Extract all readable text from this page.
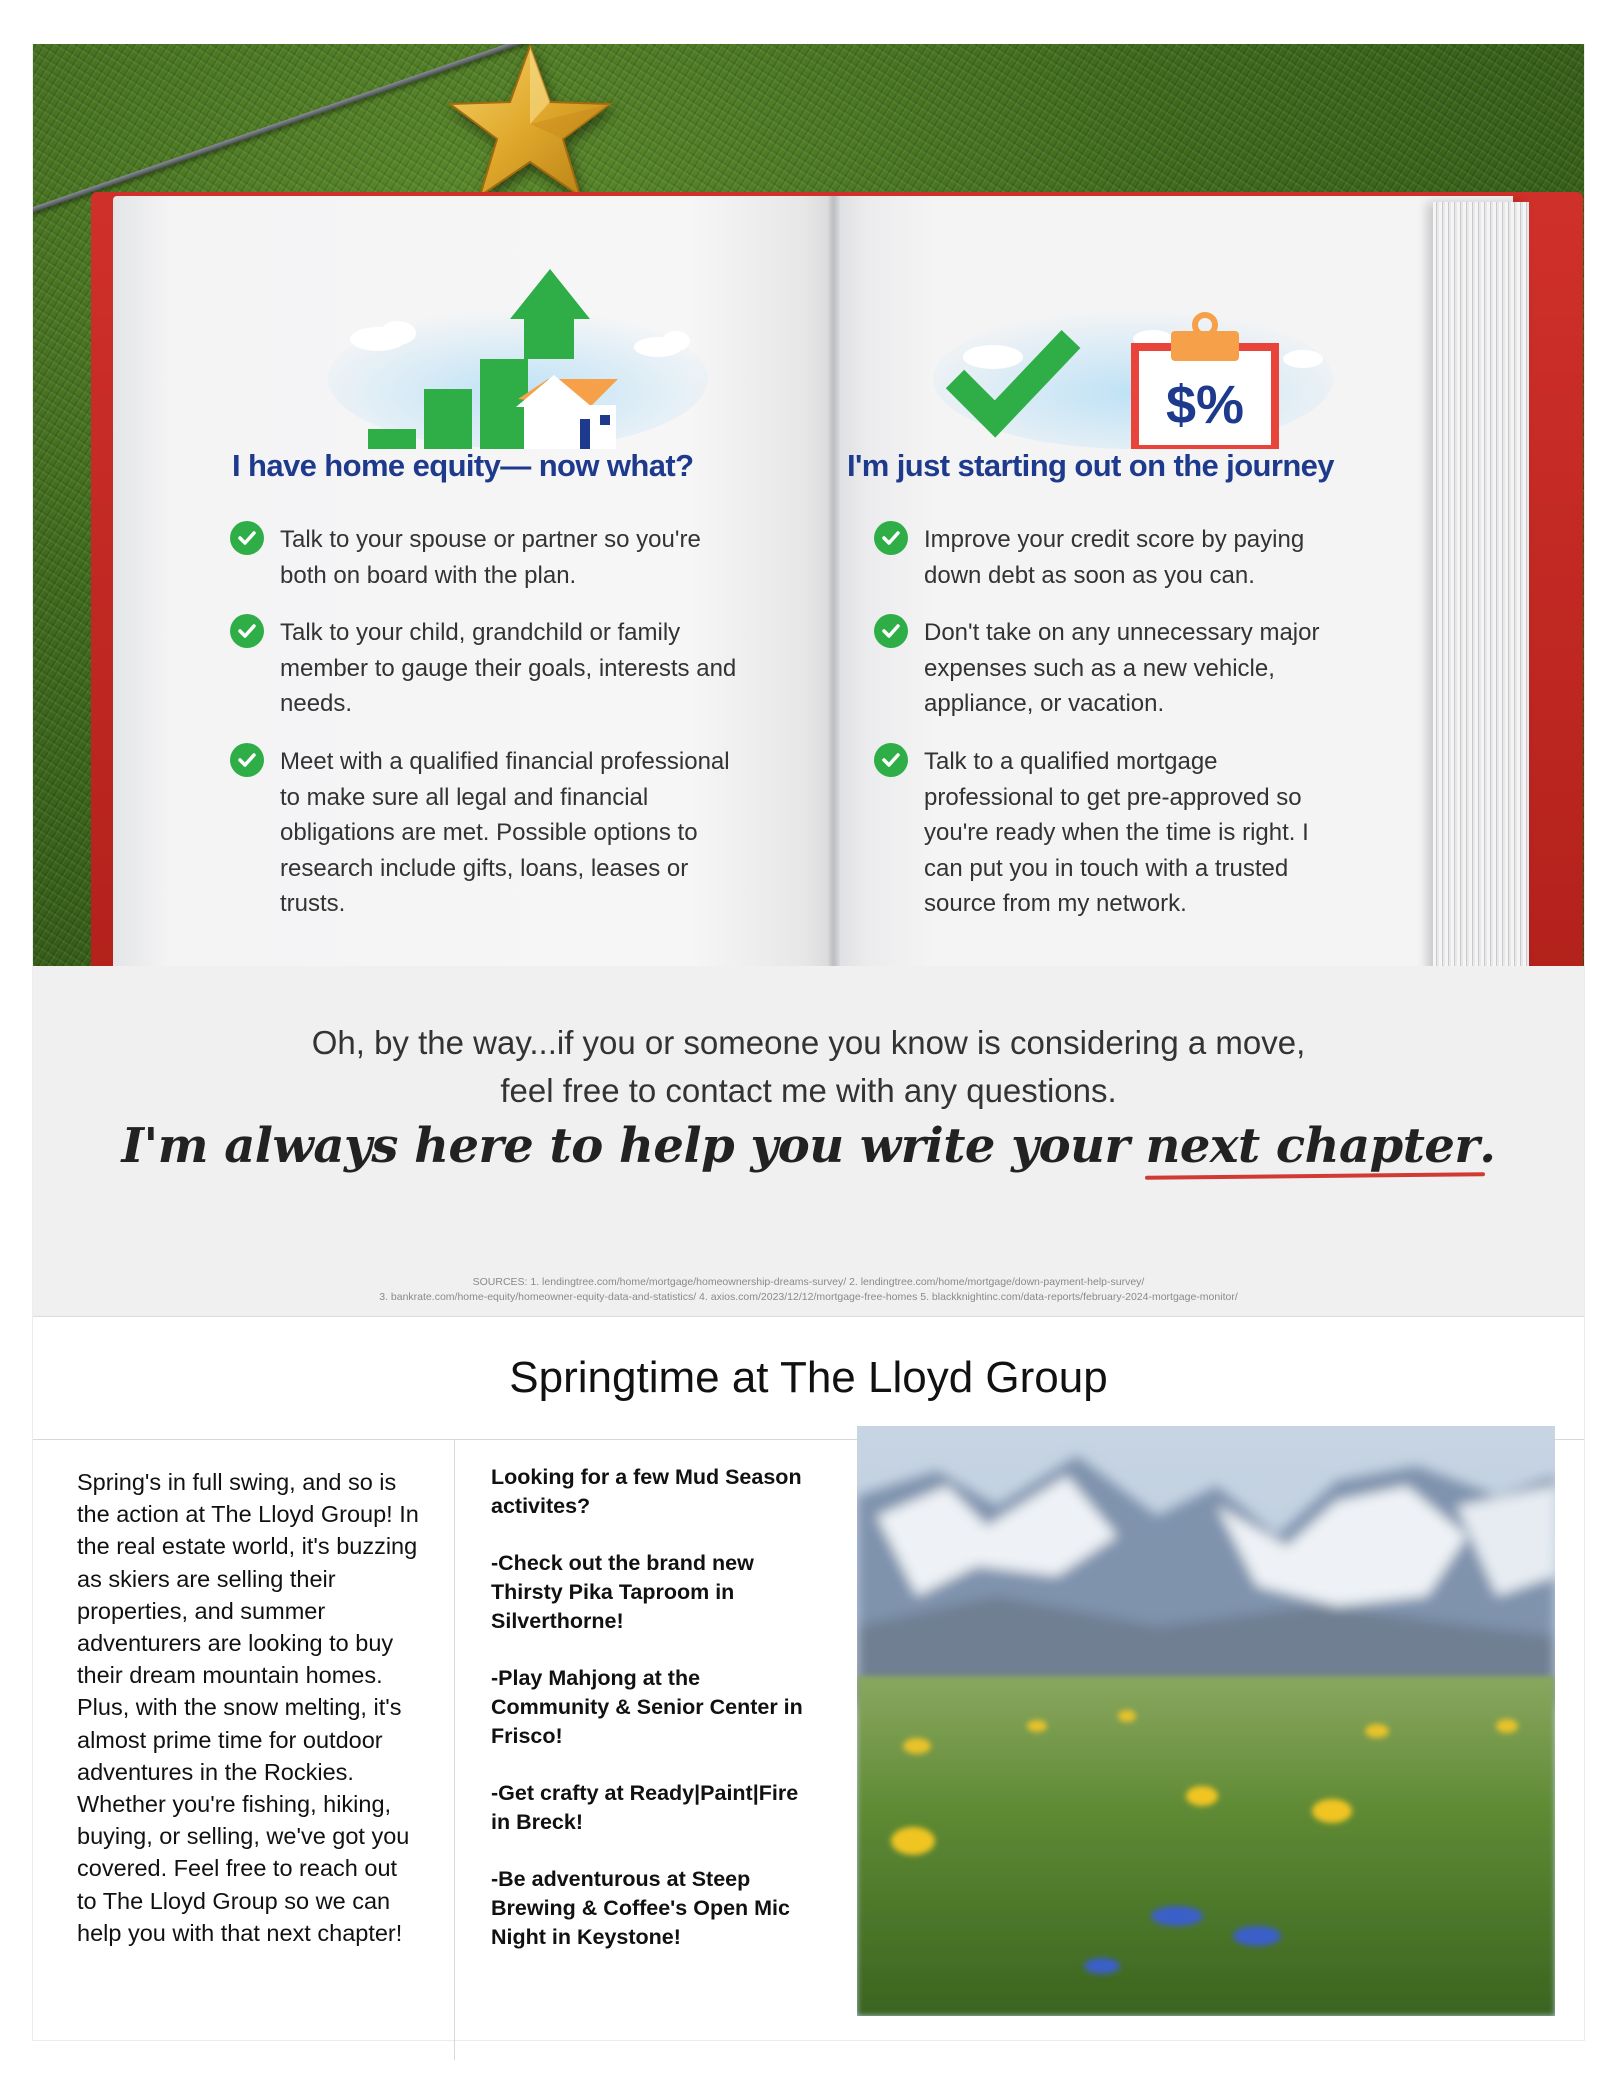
I have home equity— now what?
Talk to your spouse or partner so you're both on board with the plan.
Talk to your child, grandchild or family member to gauge their goals, interests and needs.
Meet with a qualified financial professional to make sure all legal and financial obligations are met. Possible options to research include gifts, loans, leases or trusts.
$%
I'm just starting out on the journey
Improve your credit score by paying down debt as soon as you can.
Don't take on any unnecessary major expenses such as a new vehicle, appliance, or vacation.
Talk to a qualified mortgage professional to get pre-approved so you're ready when the time is right. I can put you in touch with a trusted source from my network.

Oh, by the way...if you or someone you know is considering a move,

feel free to contact me with any questions.

I'm always here to help you write your next chapter.

SOURCES: 1. lendingtree.com/home/mortgage/homeownership-dreams-survey/ 2. lendingtree.com/home/mortgage/down-payment-help-survey/

3. bankrate.com/home-equity/homeowner-equity-data-and-statistics/ 4. axios.com/2023/12/12/mortgage-free-homes 5. blackknightinc.com/data-reports/february-2024-mortgage-monitor/

Springtime at The Lloyd Group

Spring's in full swing, and so is the action at The Lloyd Group! In the real estate world, it's buzzing as skiers are selling their properties, and summer adventurers are looking to buy their dream mountain homes. Plus, with the snow melting, it's almost prime time for outdoor adventures in the Rockies. Whether you're fishing, hiking, buying, or selling, we've got you covered. Feel free to reach out to The Lloyd Group so we can help you with that next chapter!

Looking for a few Mud Season activites?

-Check out the brand new Thirsty Pika Taproom in Silverthorne!

-Play Mahjong at the Community & Senior Center in Frisco!

-Get crafty at Ready|Paint|Fire in Breck!

-Be adventurous at Steep Brewing & Coffee's Open Mic Night in Keystone!
